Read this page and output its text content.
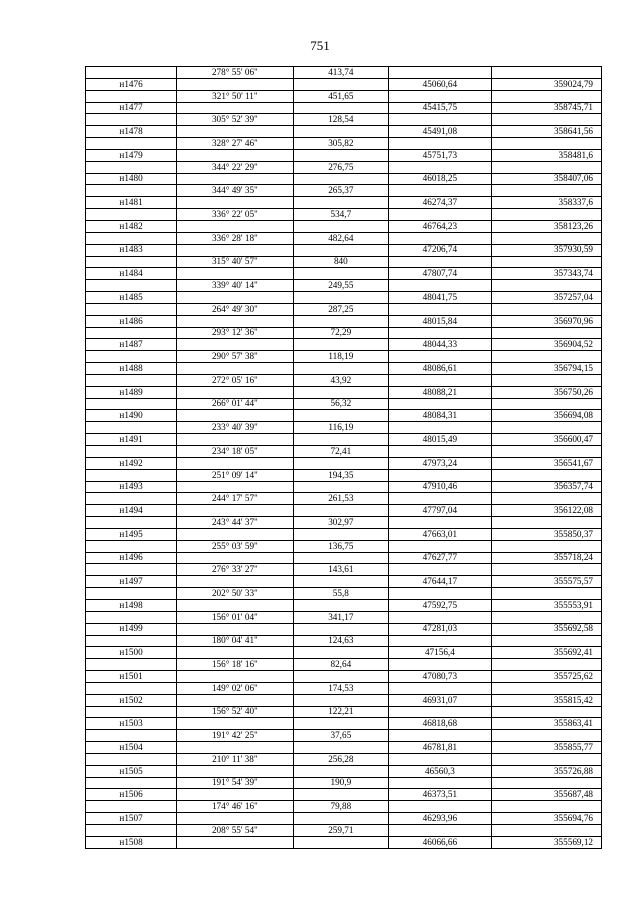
751
	278° 55' 06"	413,74		
н1476			45060,64	359024,79
	321° 50' 11"	451,65		
н1477			45415,75	358745,71
	305° 52' 39"	128,54		
н1478			45491,08	358641,56
	328° 27' 46"	305,82		
н1479			45751,73	358481,6
	344° 22' 29"	276,75		
н1480			46018,25	358407,06
	344° 49' 35"	265,37		
н1481			46274,37	358337,6
	336° 22' 05"	534,7		
н1482			46764,23	358123,26
	336° 28' 18"	482,64		
н1483			47206,74	357930,59
	315° 40' 57"	840		
н1484			47807,74	357343,74
	339° 40' 14"	249,55		
н1485			48041,75	357257,04
	264° 49' 30"	287,25		
н1486			48015,84	356970,96
	293° 12' 36"	72,29		
н1487			48044,33	356904,52
	290° 57' 38"	118,19		
н1488			48086,61	356794,15
	272° 05' 16"	43,92		
н1489			48088,21	356750,26
	266° 01' 44"	56,32		
н1490			48084,31	356694,08
	233° 40' 39"	116,19		
н1491			48015,49	356600,47
	234° 18' 05"	72,41		
н1492			47973,24	356541,67
	251° 09' 14"	194,35		
н1493			47910,46	356357,74
	244° 17' 57"	261,53		
н1494			47797,04	356122,08
	243° 44' 37"	302,97		
н1495			47663,01	355850,37
	255° 03' 59"	136,75		
н1496			47627,77	355718,24
	276° 33' 27"	143,61		
н1497			47644,17	355575,57
	202° 50' 33"	55,8		
н1498			47592,75	355553,91
	156° 01' 04"	341,17		
н1499			47281,03	355692,58
	180° 04' 41"	124,63		
н1500			47156,4	355692,41
	156° 18' 16"	82,64		
н1501			47080,73	355725,62
	149° 02' 06"	174,53		
н1502			46931,07	355815,42
	156° 52' 40"	122,21		
н1503			46818,68	355863,41
	191° 42' 25"	37,65		
н1504			46781,81	355855,77
	210° 11' 38"	256,28		
н1505			46560,3	355726,88
	191° 54' 39"	190,9		
н1506			46373,51	355687,48
	174° 46' 16"	79,88		
н1507			46293,96	355694,76
	208° 55' 54"	259,71		
н1508			46066,66	355569,12
